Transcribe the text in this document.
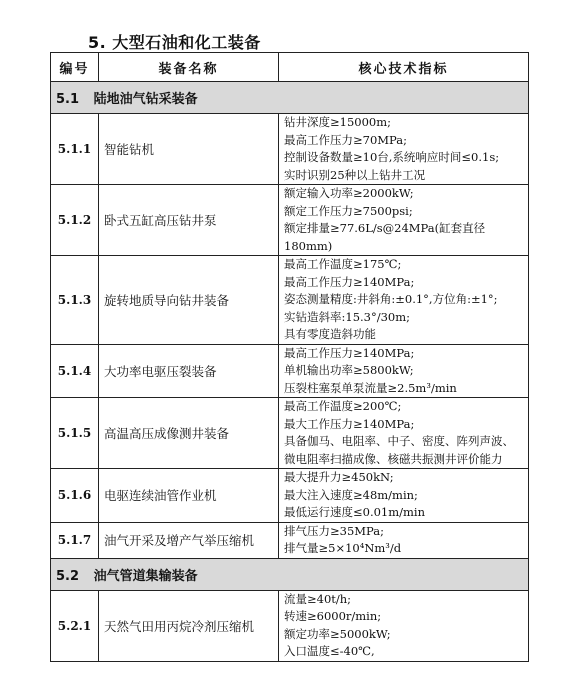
5. 大型石油和化工装备
编号	装备名称	核心技术指标
5.1 陆地油气钻采装备		
5.1.1	智能钻机	钻井深度≥15000m;
最高工作压力≥70MPa;
控制设备数量≥10台,系统响应时间≤0.1s;
实时识别25种以上钻井工况

5.1.2	卧式五缸高压钻井泵	额定输入功率≥2000kW;
额定工作压力≥7500psi;
额定排量≥77.6L/s@24MPa(缸套直径180mm)

5.1.3	旋转地质导向钻井装备	最高工作温度≥175℃;
最高工作压力≥140MPa;
姿态测量精度:井斜角:±0.1°,方位角:±1°;
实钻造斜率:15.3°/30m;
具有零度造斜功能

5.1.4	大功率电驱压裂装备	最高工作压力≥140MPa;
单机输出功率≥5800kW;
压裂柱塞泵单泵流量≥2.5m³/min

5.1.5	高温高压成像测井装备	最高工作温度≥200℃;
最大工作压力≥140MPa;
具备伽马、电阻率、中子、密度、阵列声波、微电阻率扫描成像、核磁共振测井评价能力

5.1.6	电驱连续油管作业机	最大提升力≥450kN;
最大注入速度≥48m/min;
最低运行速度≤0.01m/min

5.1.7	油气开采及增产气举压缩机	排气压力≥35MPa;
排气量≥5×10⁴Nm³/d

5.2 油气管道集输装备		
5.2.1	天然气田用丙烷冷剂压缩机	流量≥40t/h;
转速≥6000r/min;
额定功率≥5000kW;
入口温度≤-40℃,
